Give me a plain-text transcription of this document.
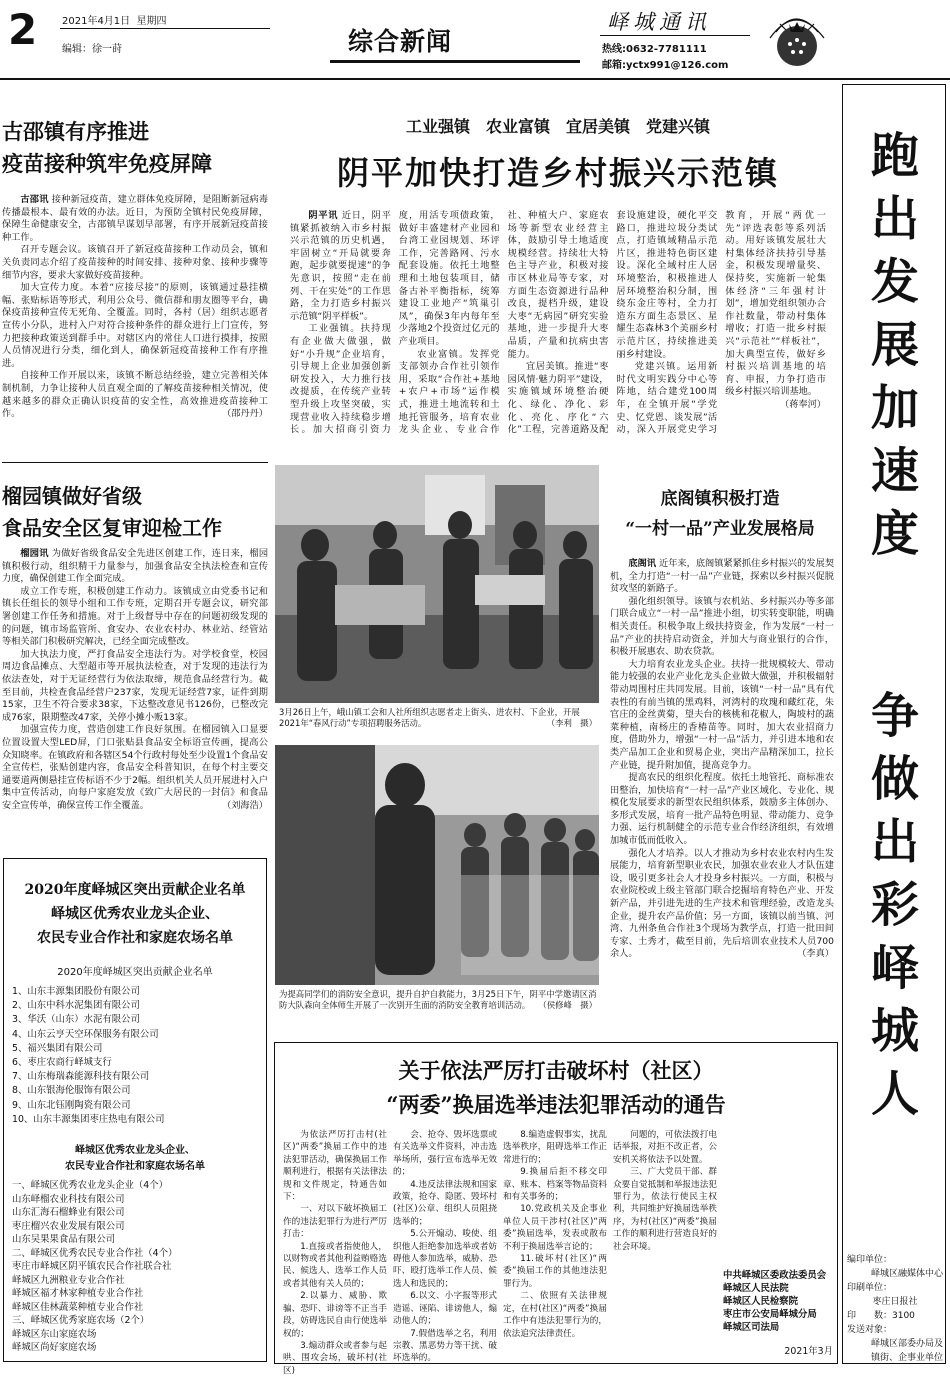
2 2021年4月1日 星期四
编辑：徐一莳	综合新闻
峄城通讯
热线:0632-7781111
邮箱:yctx991@126.com
古邵镇有序推进
疫苗接种筑牢免疫屏障

古邵讯 接种新冠疫苗，建立群体免疫屏障，是阻断新冠病毒传播最根本、最有效的办法。近日，为预防全镇村民免疫屏障，保障生命健康安全，古邵镇早谋划早部署，有序开展新冠疫苗接种工作。

召开专题会议。该镇召开了新冠疫苗接种工作动员会，镇和关负责同志介绍了疫苗接种的时间安排、接种对象、接种步骤等细节内容，要求大家做好疫苗接种。

加大宣传力度。本着“应接尽接”的原则，该镇通过悬挂横幅、张贴标语等形式，利用公众号、微信群和朋友圈等平台，确保疫苗接种宣传无死角、全覆盖。同时，各村（居）组织志愿者宣传小分队，进村入户对符合接种条件的群众进行上门宣传，努力把接种政策送到群手中。对辖区内的常住人口进行摸排，按照人员情况进行分类，细化到人，确保新冠疫苗接种工作有序推进。

自接种工作开展以来，该镇不断总结经验，建立完善相关体制机制，力争让接种人员直观全面的了解疫苗接种相关情况，使越来越多的群众正确认识疫苗的安全性，高效推进疫苗接种工作。	（邵丹丹）

榴园镇做好省级
食品安全区复审迎检工作

榴园讯 为做好省级食品安全先进区创建工作，连日来，榴园镇积极行动，组织精干力量参与，加强食品安全执法检查和宣传力度，确保创建工作全面完成。

成立工作专班，积极创建工作动力。该镇成立由党委书记和镇长任组长的领导小组和工作专班，定期召开专题会议，研究部署创建工作任务和措施。对于上级督导中存在的问题初级发现的的问题，镇市场监管所、食安办、农业农村办、林业站、经管站等相关部门积极研究解决，已经全面完成整改。

加大执法力度，严打食品安全违法行为。对学校食堂，校园周边食品摊点、大型超市等开展执法检查，对于发现的违法行为依法查处，对于无证经营行为依法取缔，规范食品经营行为。截至目前，共检查食品经营户237家，发现无证经营7家，证件到期15家，卫生不符合要求38家，下达整改意见书126份，已整改完成76家，限期整改47家，关停小摊小贩13家。

加强宣传力度，营造创建工作良好氛围。在榴园镇入口显要位置设置大型LED屏，门口张贴县食品安全标语宣传画，提高公众知晓率。在镇政府和各辖区54个行政村每处至少设置1个食品安全宣传栏，张贴创建内容，食品安全科普知识，在每个村主要交通要道两侧悬挂宣传标语不少于2幅。组织机关人员开展进村入户集中宣传活动，向每户家庭发放《致广大居民的一封信》和食品安全宣传单，确保宣传工作全覆盖。	（刘海浩）

2020年度峄城区突出贡献企业名单
峄城区优秀农业龙头企业、
农民专业合作社和家庭农场名单
2020年度峄城区突出贡献企业名单
1、山东丰源集团股份有限公司
2、山东中科水泥集团有限公司
3、华沃（山东）水泥有限公司
4、山东云亨天空环保服务有限公司
5、福兴集团有限公司
6、枣庄农商行峄城支行
7、山东梅瑞森能源科技有限公司
8、山东银海伦服饰有限公司
9、山东北钰刚陶瓷有限公司
10、山东丰源集团枣庄热电有限公司
峄城区优秀农业龙头企业、
农民专业合作社和家庭农场名单
一、峄城区优秀农业龙头企业（4个）
山东峄榴农业科技有限公司
山东汇海石榴蜂业有限公司
枣庄榴兴农业发展有限公司
山东吴果果食品有限公司
二、峄城区优秀农民专业合作社（4个）
枣庄市峄城区阴平镇农民合作社联合社
峄城区九洲粮业专业合作社
峄城区福才林家种植专业合作社
峄城区佳林蔬菜种植专业合作社
三、峄城区优秀家庭农场（2个）
峄城区东山家庭农场
峄城区尚好家庭农场
工业强镇　农业富镇　宜居美镇　党建兴镇
阴平加快打造乡村振兴示范镇

阴平讯 近日，阴平镇紧抓被纳入市乡村振兴示范镇的历史机遇，牢固树立“开局就要奔跑，起步就要提速”的争先意识，按照“走在前列、干在实处”的工作思路，全力打造乡村振兴示范镇“阴平样板”。

工业强镇。扶持现有企业做大做强，做好“小升规”企业培育，引导规上企业加强创新研发投入，大力推行技改提质，在传统产业转型升级上攻坚突破，实现营业收入持续稳步增长。加大招商引资力度，用活专项债政策，做好丰盛建材产业园和台湾工业园规划、环评工作，完善路网、污水配套设施。依托土地整理和土地包装项目，储备古补平衡指标，统筹建设工业地产“筑巢引凤”，确保3年内每年至少落地2个投资过亿元的产业项目。

农业富镇。发挥党支部领办合作社引领作用，采取“合作社+基地+农户+市场”运作模式，推进土地流转和土地托管服务，培育农业龙头企业、专业合作社、种植大户、家庭农场等新型农业经营主体，鼓励引导土地适度规模经营。持续壮大特色主导产业，积极对接市区林业局等专家，对方面生态资源进行品种改良，提档升级，建设大枣“无病园”研究实验基地，进一步提升大枣品质，产量和抗病虫害能力。

宜居美镇。推进“枣园风情·魅力阴平”建设，实施镇域环境整治硬化、绿化、净化、彩化、亮化、序化“六化”工程，完善道路及配套设施建设，硬化平交路口，推进垃圾分类试点，打造镇域精品示范片区，推进特色街区建设。深化全域村庄人居环境整治，积极推进人居环境整治积分制，围绕东金庄等村，全力打造东方面生态景区、星耀生态森林3个美丽乡村示范片区，持续推进美丽乡村建设。

党建兴镇。运用新时代文明实践分中心等阵地，结合建党100周年，在全镇开展“学党史、忆党恩、谈发展”活动，深入开展党史学习教育，开展“两优一先”评选表彰等系列活动。用好该镇发展壮大村集体经济扶持引导基金，积极发现增量奖、保持奖，实施新一轮集体经济“三年强村计划”，增加党组织领办合作社数量，带动村集体增收；打造一批乡村振兴“示范社”“样板社”，加大典型宣传，做好乡村振兴培训基地的培育、申报，力争打造市级乡村振兴培训基地。
（蒋奉河）

3月26日上午，峨山镇工会和人社所组织志愿者走上街头、进农村、下企业，开展2021年“春风行动”专项招聘服务活动。	（李利　摄）
为提高同学们的消防安全意识，提升自护自救能力，3月25日下午，阴平中学邀请区消防大队森向全体师生开展了一次别开生面的消防安全教育培训活动。 （侯修峰　摄）
底阁镇积极打造
“一村一品”产业发展格局

底阁讯 近年来，底阁镇紧紧抓住乡村振兴的发展契机，全力打造“一村一品”产业链，探索以乡村振兴促脱贫攻坚的新路子。

强化组织领导。该镇与农机站、乡村振兴办等多部门联合成立“一村一品”推进小组，切实转变职能，明确相关责任。积极争取上级扶持资金，作为发展“一村一品”产业的扶持启动资金，并加大与商业银行的合作，积极开展惠农、助农贷款。

大力培育农业龙头企业。扶持一批规模较大、带动能力较强的农业产业化龙头企业做大做强，并积极辐射带动周围村庄共同发展。目前，该镇“一村一品”具有代表性的有前当镇的黑鸡料，河湾村的玫瑰和藏红花，朱官庄的金丝黄菊，望夫台的核桃和花椒人，陶坡村的蔬菜种植，南杨庄的香椿苗等。同时，加大农业招商力度，借助外力，增强“一村一品”活力，并引进本地和农类产品加工企业和贸易企业，突出产品精深加工，拉长产业链，提升附加值，提高竞争力。

提高农民的组织化程度。依托土地管托、商标准农田整治，加快培育“一村一品”产业区域化、专业化、规模化发展要求的新型农民组织体系，鼓励多主体创办、多形式发展，培育一批产品特色明显、带动能力、竞争力强、运行机制健全的示范专业合作经济组织，有效增加城市低而低收入。

强化人才培养。以人才推动为乡村农业农村内生发展能力，培育新型职业农民，加强农业农业人才队伍建设，吸引更多社会人才投身乡村振兴。一方面，积极与农业院校或上级主管部门联合挖掘培育特色产业、开发新产品，并引进先进的生产技术和管理经验，改造龙头企业，提升农产品价值；另一方面，该镇以前当镇、河湾、九州条鱼合作社3个现场为教学点，打造一批田间专家、土秀才，截至目前，先后培训农业技术人员700余人。	（李真）

关于依法严厉打击破坏村（社区）
“两委”换届选举违法犯罪活动的通告

为依法严厉打击村(社区)“两委”换届工作中的违法犯罪活动，确保换届工作顺利进行，根据有关法律法规和文件规定，特通告如下：

一、对以下破坏换届工作的违法犯罪行为进行严厉打击：

1.直接或者指使他人，以财物或者其他利益贿赂选民、候选人、选举工作人员或者其他有关人员的；

2.以暴力、威胁、欺骗、恐吓、诽谤等不正当手段，妨碍选民自由行使选举权的；

3.煽动群众或者参与起哄、围攻会场，破坏村(社区)

会、抢夺、毁坏选票或有关选举文件资料，冲击选举场所，强行宣布选举无效的；

4.违反法律法规和国家政策，抢夺、隐匿、毁坏村(社区)公章、组织人员阻挠选举的；

5.公开煽动、唆使、组织他人拒绝参加选举或者妨碍他人参加选举，威胁、恐吓、殴打选举工作人员、候选人和选民的；

6.以文、小字报等形式造谣、诬陷、诽谤他人，煽动他人的；

7.假借选举之名，利用宗教、黑恶势力等干扰、破坏选举的。

8.编造虚假事实，扰乱选举秩序，阻碍选举工作正常进行的；

9.换届后拒不移交印章、账本、档案等物品资料和有关事务的；

10.党政机关及企事业单位人员干涉村(社区)“两委”换届选举，发表或散布不利于换届选举言论的；

11.破坏村(社区)“两委”换届工作的其他违法犯罪行为。

二、依照有关法律规定，在村(社区)“两委”换届工作中有违法犯罪行为的，依法追究法律责任。

问题的，可依法拨打电话举报，对拒不改正者，公安机关将依法予以处置。

三、广大党员干部、群众要自觉抵制和举报违法犯罪行为，依法行使民主权利，共同维护好换届选举秩序，为村(社区)“两委”换届工作的顺利进行营造良好的社会环境。

中共峄城区委政法委员会
峄城区人民法院
峄城区人民检察院
枣庄市公安局峄城分局
峄城区司法局
2021年3月
跑
出
发
展
加
速
度
争
做
出
彩
峄
城
人
编印单位：
峄城区融媒体中心
印刷单位：
枣庄日报社
印　　数：3100
发送对象：
峄城区部委办局及
镇街、企事业单位
